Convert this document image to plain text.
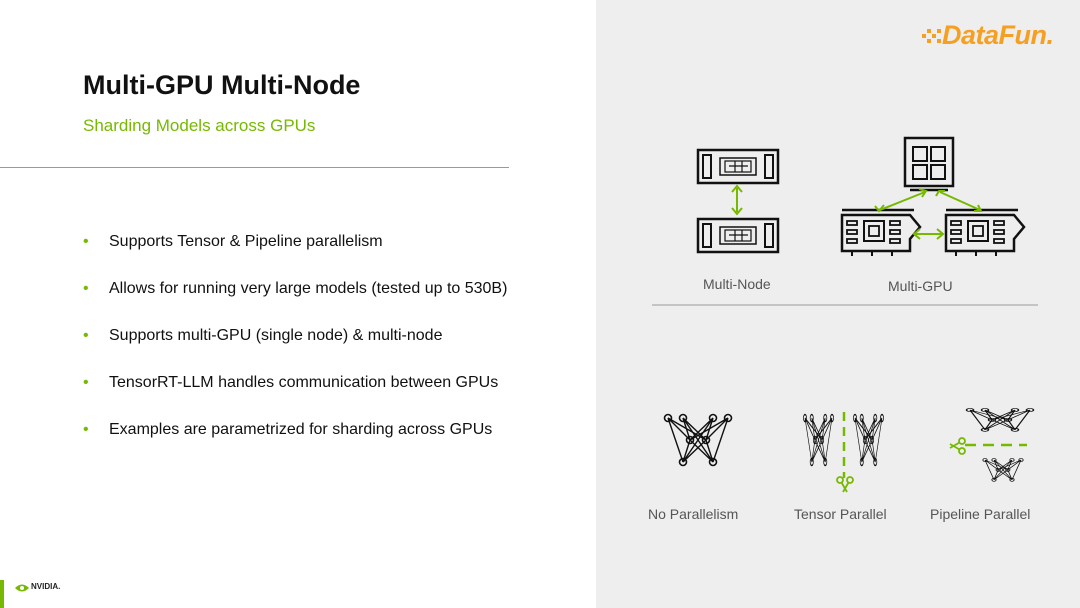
Multi-GPU Multi-Node
Sharding Models across GPUs
• Supports Tensor & Pipeline parallelism
• Allows for running very large models (tested up to 530B)
• Supports multi-GPU (single node) & multi-node
• TensorRT-LLM handles communication between GPUs
• Examples are parametrized for sharding across GPUs
DataFun.
Multi-Node	Multi-GPU
No Parallelism	Tensor Parallel	Pipeline Parallel
NVIDIA.
